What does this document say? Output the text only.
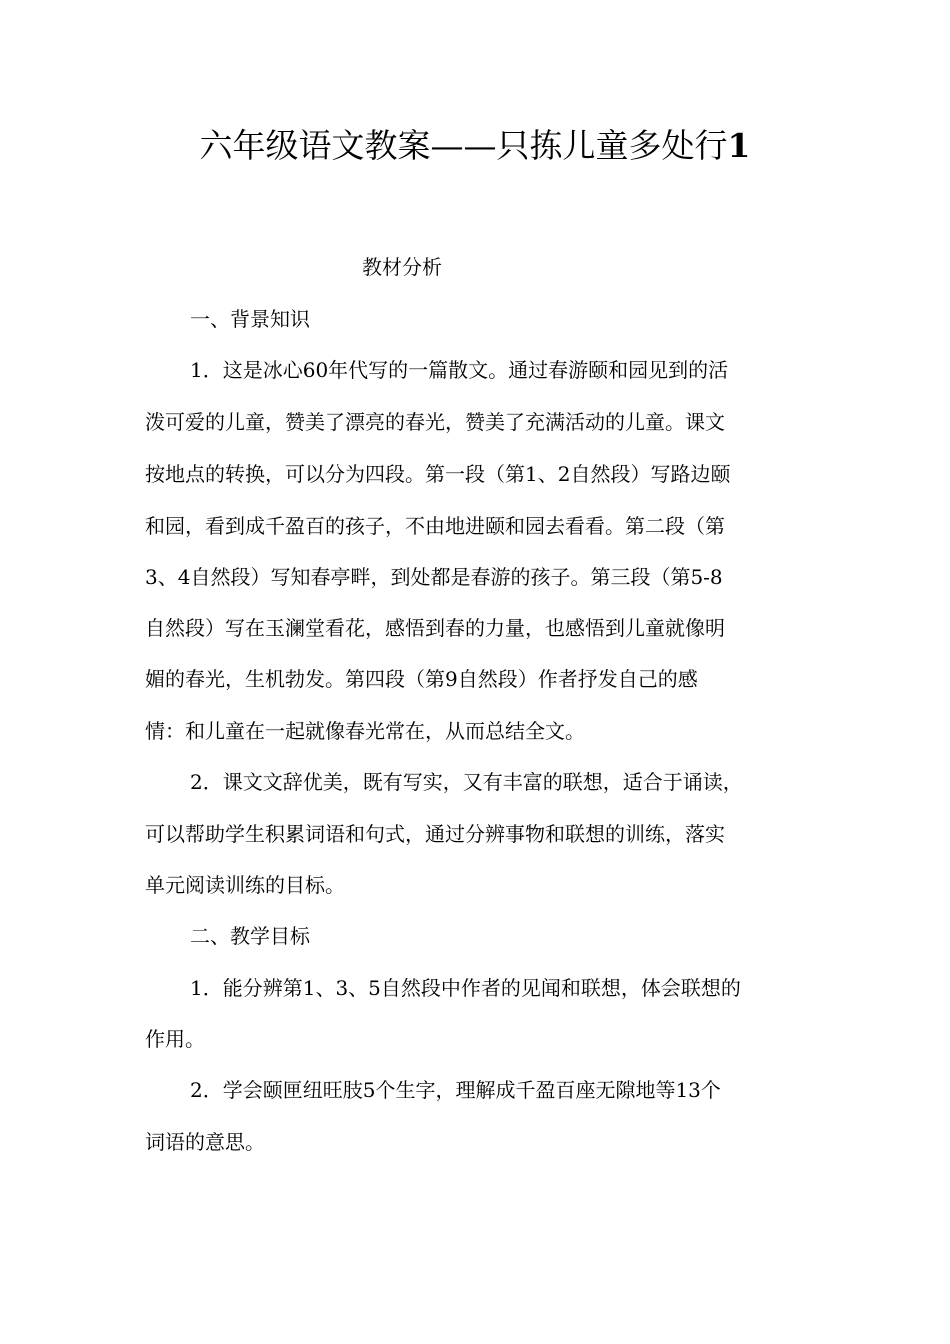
六年级语文教案——只拣儿童多处行1
教材分析
一、背景知识
1．这是冰心60年代写的一篇散文。通过春游颐和园见到的活
泼可爱的儿童，赞美了漂亮的春光，赞美了充满活动的儿童。课文
按地点的转换，可以分为四段。第一段（第1、2自然段）写路边颐
和园，看到成千盈百的孩子，不由地进颐和园去看看。第二段（第
3、4自然段）写知春亭畔，到处都是春游的孩子。第三段（第5-8
自然段）写在玉澜堂看花，感悟到春的力量，也感悟到儿童就像明
媚的春光，生机勃发。第四段（第9自然段）作者抒发自己的感
情：和儿童在一起就像春光常在，从而总结全文。
2．课文文辞优美，既有写实，又有丰富的联想，适合于诵读，
可以帮助学生积累词语和句式，通过分辨事物和联想的训练，落实
单元阅读训练的目标。
二、教学目标
1．能分辨第1、3、5自然段中作者的见闻和联想，体会联想的
作用。
2．学会颐匣纽旺肢5个生字，理解成千盈百座无隙地等13个
词语的意思。
